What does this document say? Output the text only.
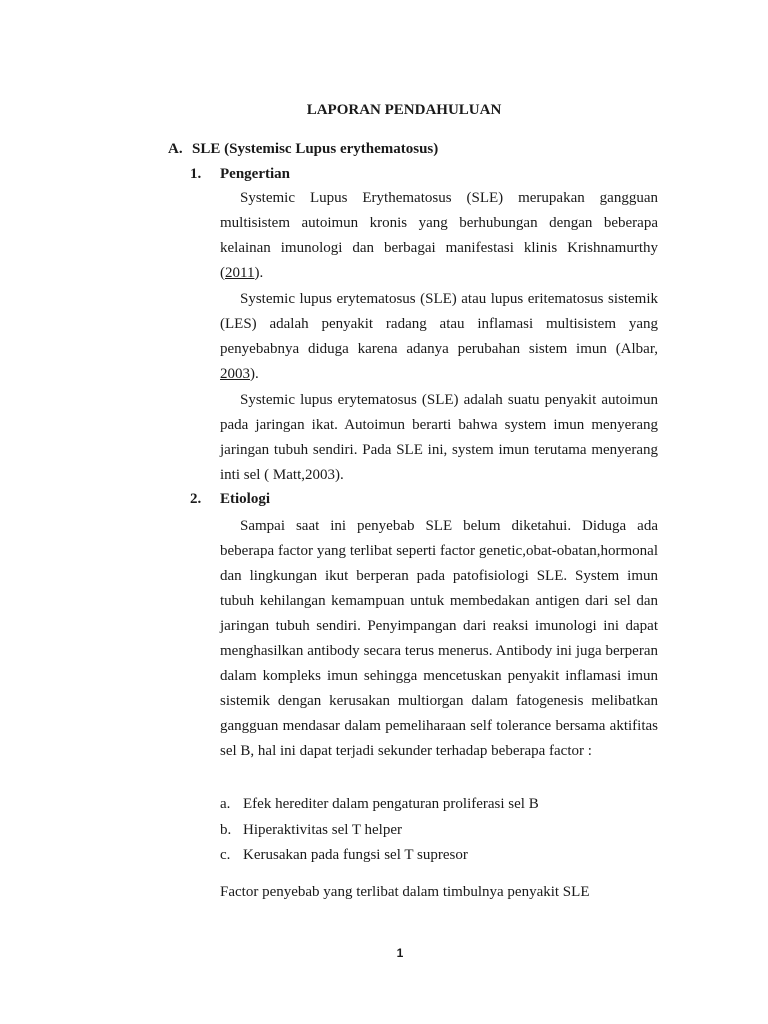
LAPORAN PENDAHULUAN
A. SLE (Systemisc Lupus erythematosus)
1. Pengertian

Systemic Lupus Erythematosus (SLE) merupakan gangguan multisistem autoimun kronis yang berhubungan dengan beberapa kelainan imunologi dan berbagai manifestasi klinis Krishnamurthy (2011).

Systemic lupus erytematosus (SLE) atau lupus eritematosus sistemik (LES) adalah penyakit radang atau inflamasi multisistem yang penyebabnya diduga karena adanya perubahan sistem imun (Albar, 2003).

Systemic lupus erytematosus (SLE) adalah suatu penyakit autoimun pada jaringan ikat. Autoimun berarti bahwa system imun menyerang jaringan tubuh sendiri. Pada SLE ini, system imun terutama menyerang inti sel ( Matt,2003).

2. Etiologi

Sampai saat ini penyebab SLE belum diketahui. Diduga ada beberapa factor yang terlibat seperti factor genetic,obat-obatan,hormonal dan lingkungan ikut berperan pada patofisiologi SLE. System imun tubuh kehilangan kemampuan untuk membedakan antigen dari sel dan jaringan tubuh sendiri. Penyimpangan dari reaksi imunologi ini dapat menghasilkan antibody secara terus menerus. Antibody ini juga berperan dalam kompleks imun sehingga mencetuskan penyakit inflamasi imun sistemik dengan kerusakan multiorgan dalam fatogenesis melibatkan gangguan mendasar dalam pemeliharaan self tolerance bersama aktifitas sel B, hal ini dapat terjadi sekunder terhadap beberapa factor :

a. Efek herediter dalam pengaturan proliferasi sel B
b. Hiperaktivitas sel T helper
c. Kerusakan pada fungsi sel T supresor
Factor penyebab yang terlibat dalam timbulnya penyakit SLE
1
